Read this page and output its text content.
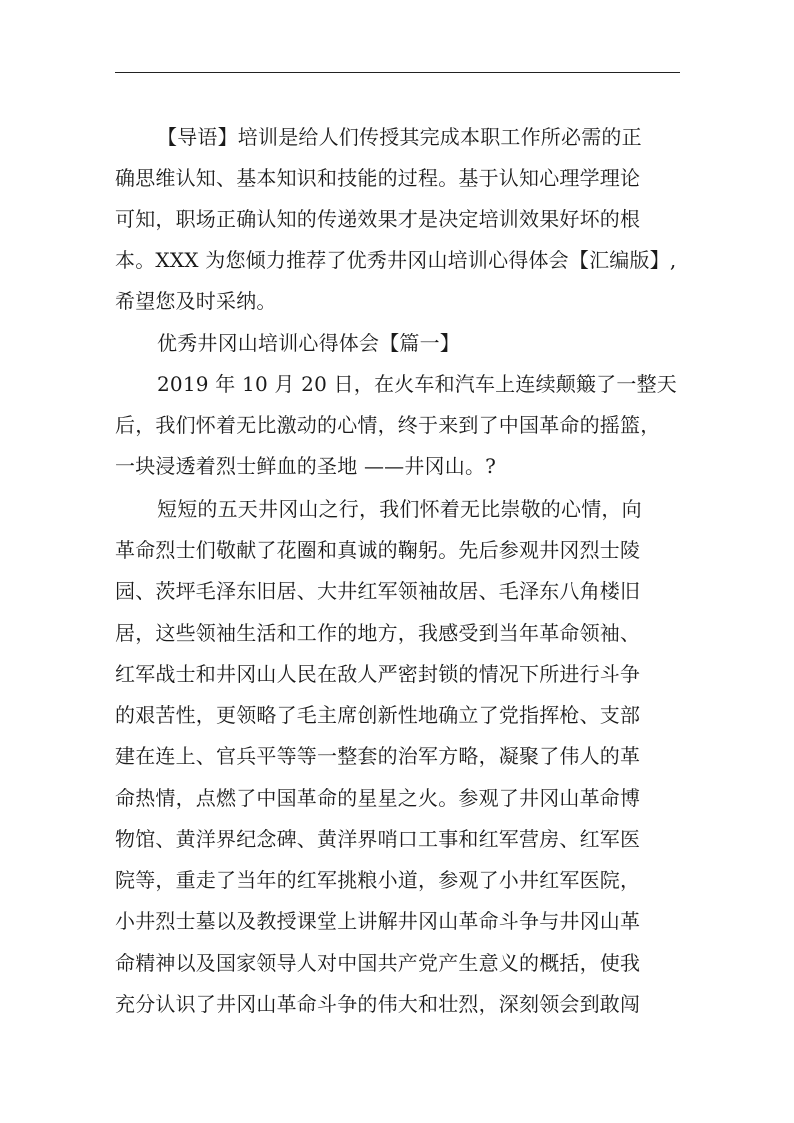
【导语】培训是给人们传授其完成本职工作所必需的正
确思维认知、基本知识和技能的过程。基于认知心理学理论
可知，职场正确认知的传递效果才是决定培训效果好坏的根
本。XXX 为您倾力推荐了优秀井冈山培训心得体会【汇编版】,
希望您及时采纳。
优秀井冈山培训心得体会【篇一】
2019 年 10 月 20 日，在火车和汽车上连续颠簸了一整天
后，我们怀着无比激动的心情，终于来到了中国革命的摇篮，
一块浸透着烈士鲜血的圣地 ——井冈山。?
短短的五天井冈山之行，我们怀着无比崇敬的心情，向
革命烈士们敬献了花圈和真诚的鞠躬。先后参观井冈烈士陵
园、茨坪毛泽东旧居、大井红军领袖故居、毛泽东八角楼旧
居，这些领袖生活和工作的地方，我感受到当年革命领袖、
红军战士和井冈山人民在敌人严密封锁的情况下所进行斗争
的艰苦性，更领略了毛主席创新性地确立了党指挥枪、支部
建在连上、官兵平等等一整套的治军方略，凝聚了伟人的革
命热情，点燃了中国革命的星星之火。参观了井冈山革命博
物馆、黄洋界纪念碑、黄洋界哨口工事和红军营房、红军医
院等，重走了当年的红军挑粮小道，参观了小井红军医院，
小井烈士墓以及教授课堂上讲解井冈山革命斗争与井冈山革
命精神以及国家领导人对中国共产党产生意义的概括，使我
充分认识了井冈山革命斗争的伟大和壮烈，深刻领会到敢闯
